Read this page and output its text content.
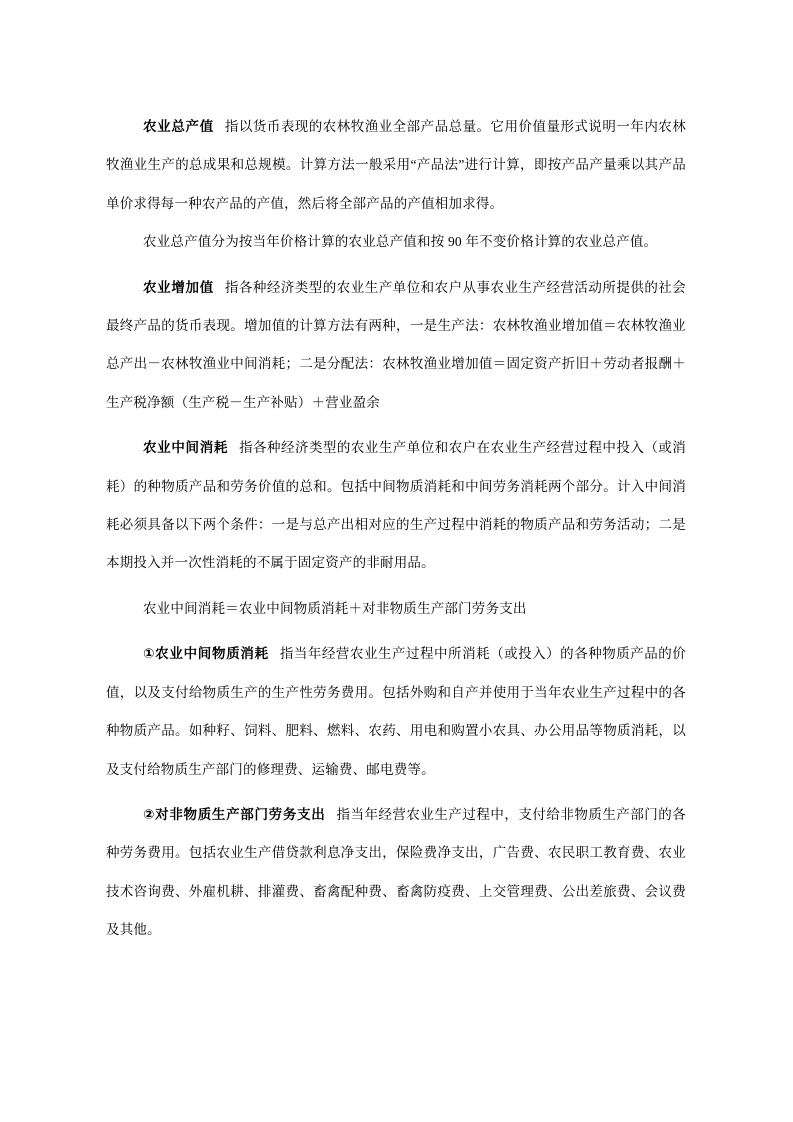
农业总产值 指以货币表现的农林牧渔业全部产品总量。它用价值量形式说明一年内农林牧渔业生产的总成果和总规模。计算方法一般采用“产品法”进行计算，即按产品产量乘以其产品单价求得每一种农产品的产值，然后将全部产品的产值相加求得。

农业总产值分为按当年价格计算的农业总产值和按 90 年不变价格计算的农业总产值。

农业增加值 指各种经济类型的农业生产单位和农户从事农业生产经营活动所提供的社会最终产品的货币表现。增加值的计算方法有两种，一是生产法：农林牧渔业增加值＝农林牧渔业总产出－农林牧渔业中间消耗；二是分配法：农林牧渔业增加值＝固定资产折旧＋劳动者报酬＋生产税净额（生产税－生产补贴）＋营业盈余

农业中间消耗 指各种经济类型的农业生产单位和农户在农业生产经营过程中投入（或消耗）的种物质产品和劳务价值的总和。包括中间物质消耗和中间劳务消耗两个部分。计入中间消耗必须具备以下两个条件：一是与总产出相对应的生产过程中消耗的物质产品和劳务活动；二是本期投入并一次性消耗的不属于固定资产的非耐用品。

农业中间消耗＝农业中间物质消耗＋对非物质生产部门劳务支出

①农业中间物质消耗 指当年经营农业生产过程中所消耗（或投入）的各种物质产品的价值，以及支付给物质生产的生产性劳务费用。包括外购和自产并使用于当年农业生产过程中的各种物质产品。如种籽、饲料、肥料、燃料、农药、用电和购置小农具、办公用品等物质消耗，以及支付给物质生产部门的修理费、运输费、邮电费等。

②对非物质生产部门劳务支出 指当年经营农业生产过程中，支付给非物质生产部门的各种劳务费用。包括农业生产借贷款利息净支出，保险费净支出，广告费、农民职工教育费、农业技术咨询费、外雇机耕、排灌费、畜禽配种费、畜禽防疫费、上交管理费、公出差旅费、会议费及其他。
